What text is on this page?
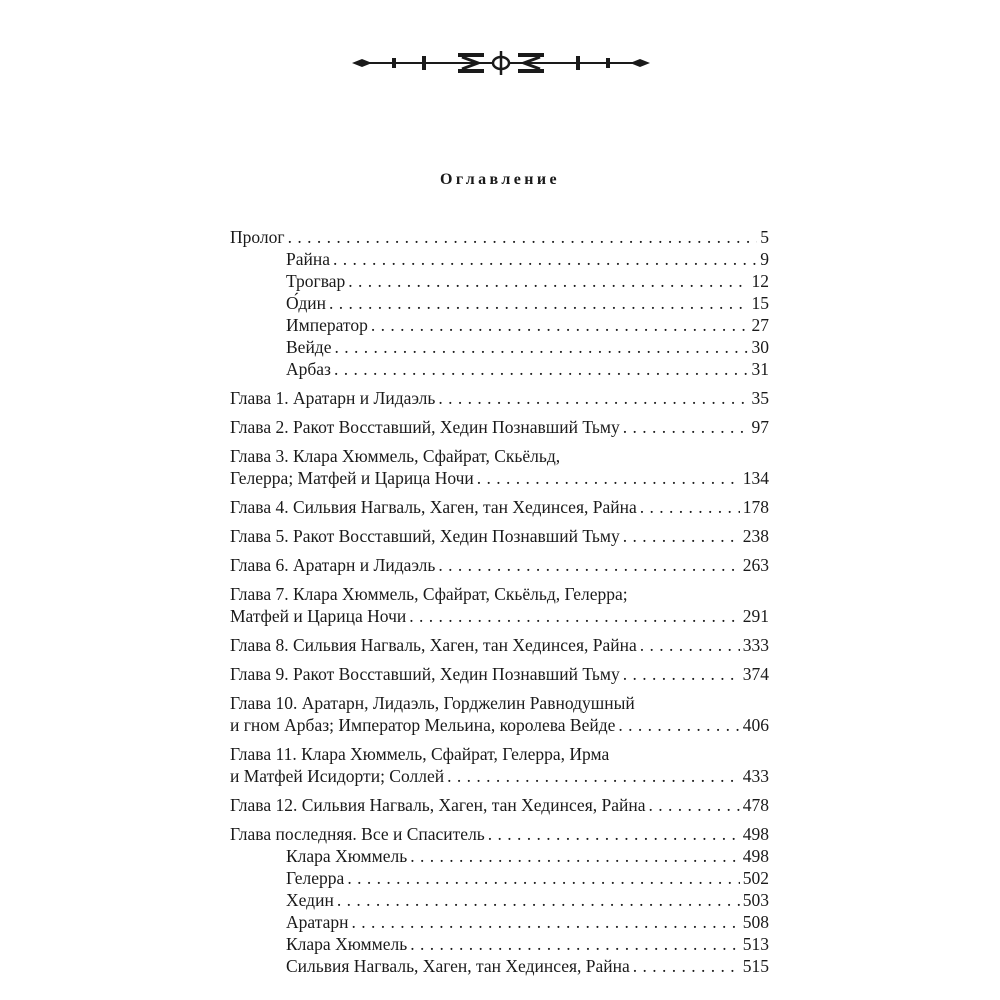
Оглавление
Пролог . . .	5
Райна . . .	9
Трогвар . . .	12
О́дин . . .	15
Император . . .	27
Вейде . . .	30
Арбаз . . .	31
Глава 1. Аратарн и Лидаэль . . .	35
Глава 2. Ракот Восставший, Хедин Познавший Тьму . . .	97
Глава 3. Клара Хюммель, Сфайрат, Скьёльд,
Гелерра; Матфей и Царица Ночи . . .	134
Глава 4. Сильвия Нагваль, Хаген, тан Хединсея, Райна . . .	178
Глава 5. Ракот Восставший, Хедин Познавший Тьму . . .	238
Глава 6. Аратарн и Лидаэль . . .	263
Глава 7. Клара Хюммель, Сфайрат, Скьёльд, Гелерра;
Матфей и Царица Ночи . . .	291
Глава 8. Сильвия Нагваль, Хаген, тан Хединсея, Райна . . .	333
Глава 9. Ракот Восставший, Хедин Познавший Тьму . . .	374
Глава 10. Аратарн, Лидаэль, Горджелин Равнодушный
и гном Арбаз; Император Мельина, королева Вейде . . .	406
Глава 11. Клара Хюммель, Сфайрат, Гелерра, Ирма
и Матфей Исидорти; Соллей . . .	433
Глава 12. Сильвия Нагваль, Хаген, тан Хединсея, Райна . . .	478
Глава последняя. Все и Спаситель . . .	498
Клара Хюммель . . .	498
Гелерра . . .	502
Хедин . . .	503
Аратарн . . .	508
Клара Хюммель . . .	513
Сильвия Нагваль, Хаген, тан Хединсея, Райна . . .	515
